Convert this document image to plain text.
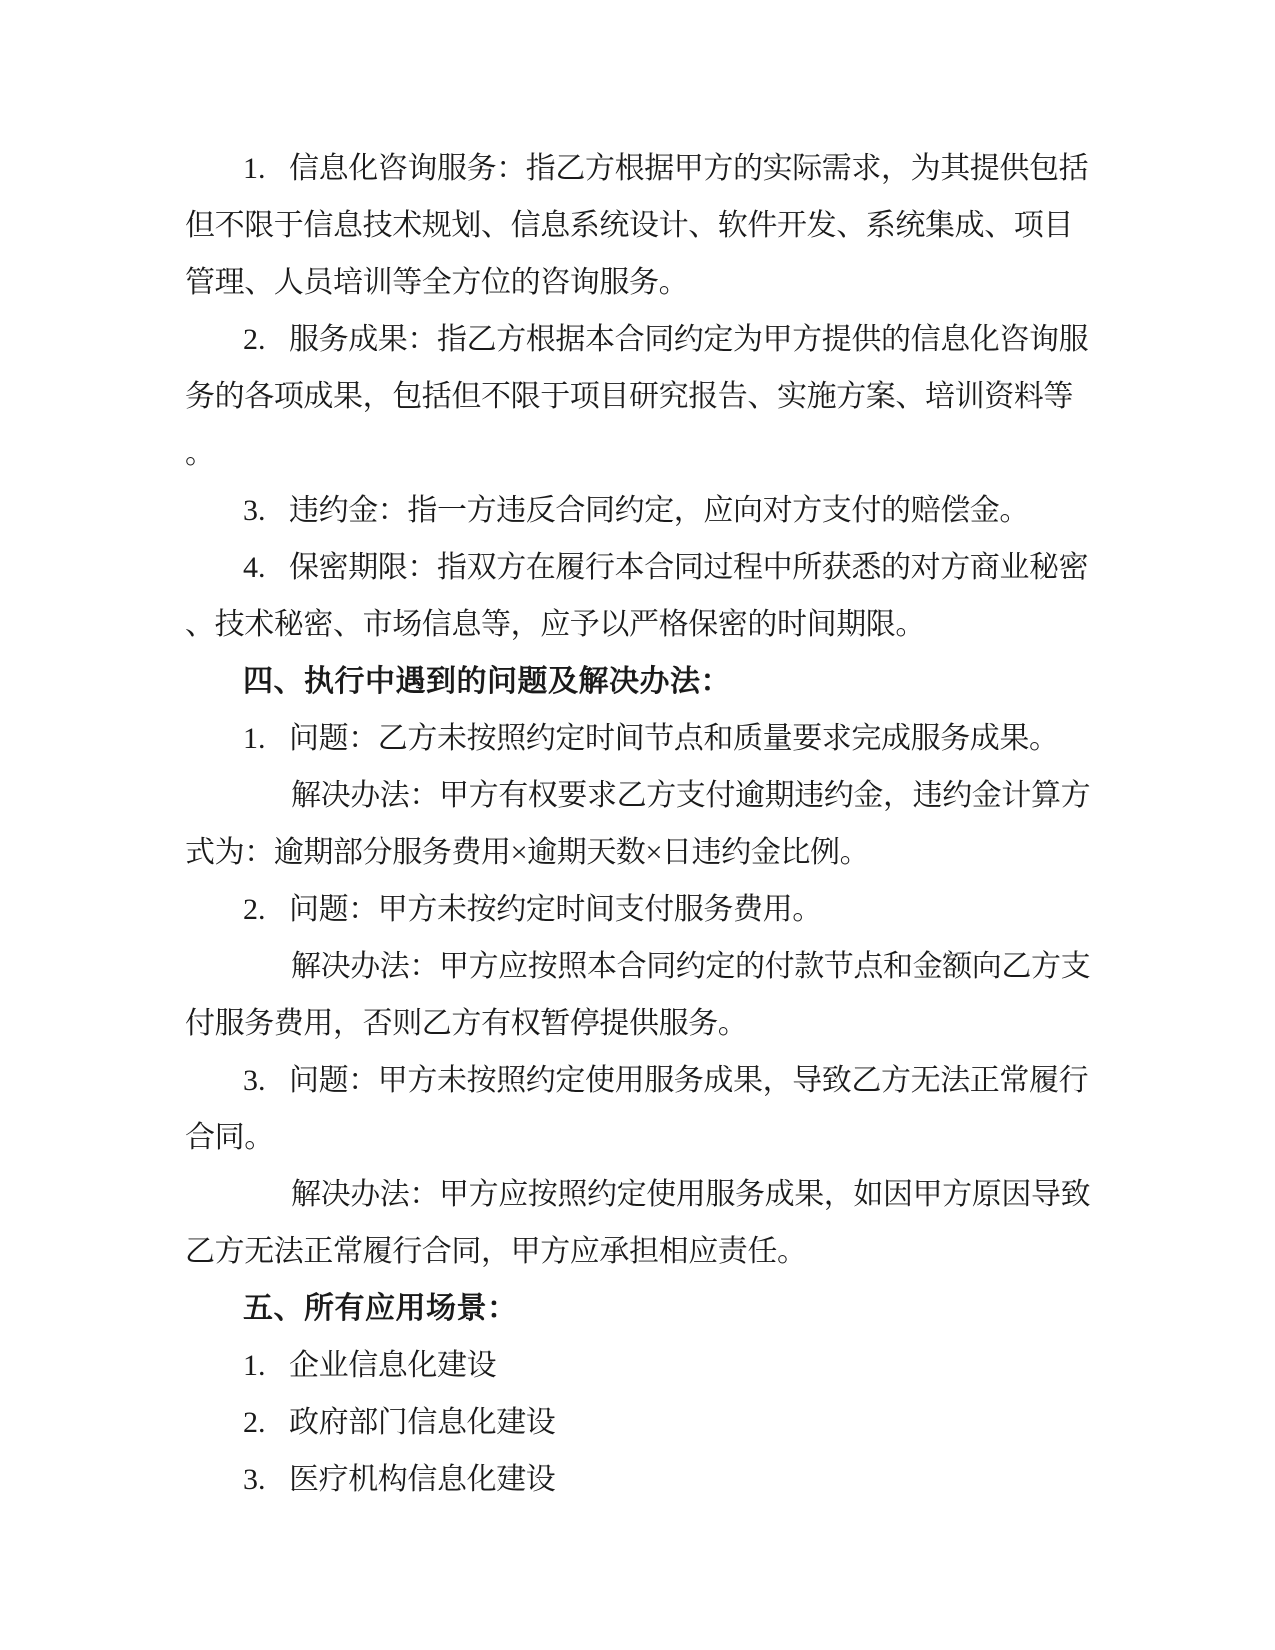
1. 信息化咨询服务：指乙方根据甲方的实际需求，为其提供包括
但不限于信息技术规划、信息系统设计、软件开发、系统集成、项目
管理、人员培训等全方位的咨询服务。
2. 服务成果：指乙方根据本合同约定为甲方提供的信息化咨询服
务的各项成果，包括但不限于项目研究报告、实施方案、培训资料等
。
3. 违约金：指一方违反合同约定，应向对方支付的赔偿金。
4. 保密期限：指双方在履行本合同过程中所获悉的对方商业秘密
、技术秘密、市场信息等，应予以严格保密的时间期限。
四、执行中遇到的问题及解决办法：
1. 问题：乙方未按照约定时间节点和质量要求完成服务成果。
解决办法：甲方有权要求乙方支付逾期违约金，违约金计算方
式为：逾期部分服务费用×逾期天数×日违约金比例。
2. 问题：甲方未按约定时间支付服务费用。
解决办法：甲方应按照本合同约定的付款节点和金额向乙方支
付服务费用，否则乙方有权暂停提供服务。
3. 问题：甲方未按照约定使用服务成果，导致乙方无法正常履行
合同。
解决办法：甲方应按照约定使用服务成果，如因甲方原因导致
乙方无法正常履行合同，甲方应承担相应责任。
五、所有应用场景：
1. 企业信息化建设
2. 政府部门信息化建设
3. 医疗机构信息化建设
